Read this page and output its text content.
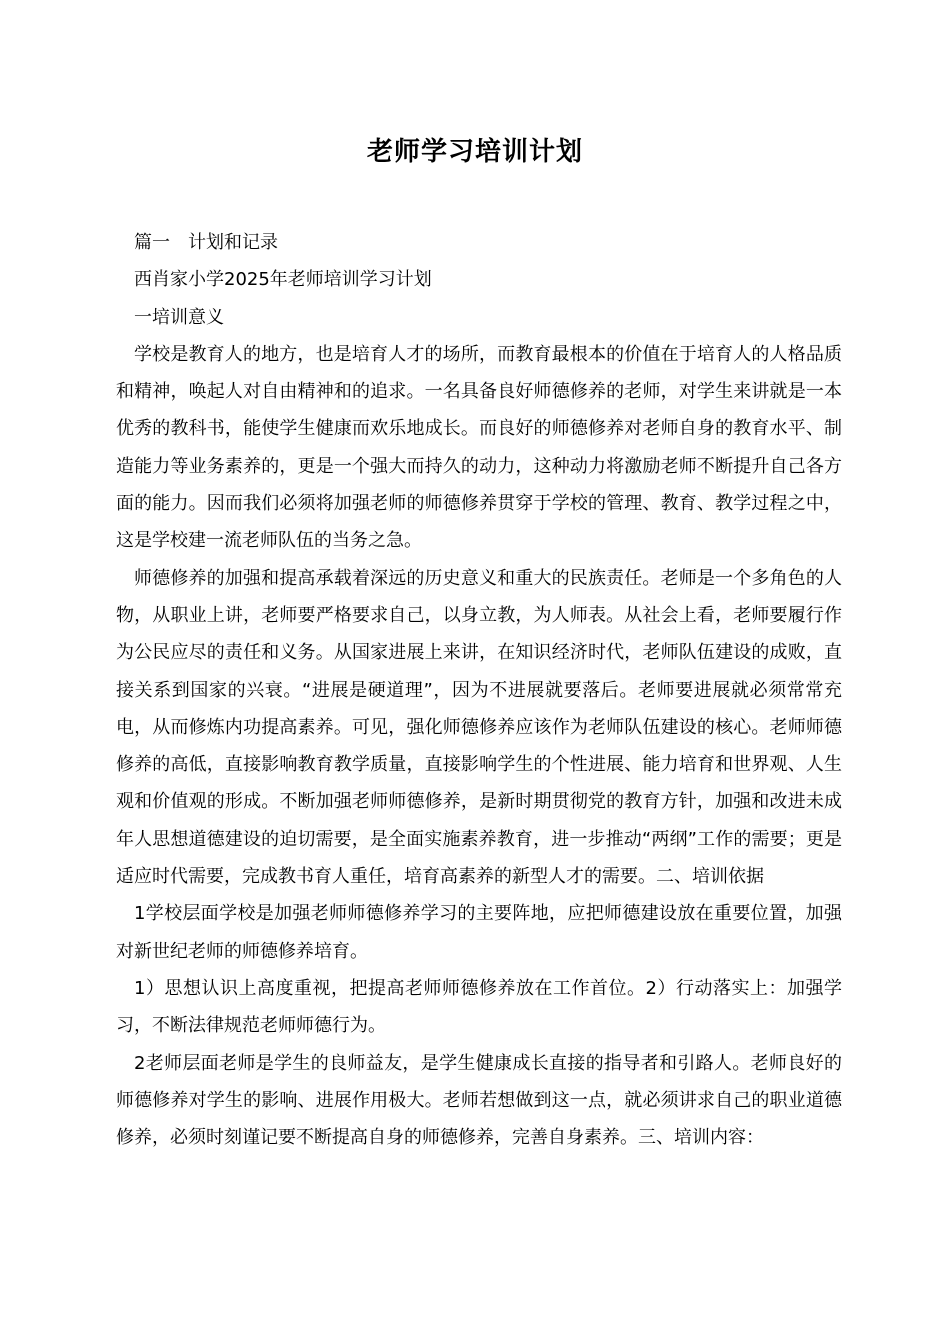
老师学习培训计划

篇一　计划和记录

西肖家小学2025年老师培训学习计划

一培训意义

学校是教育人的地方，也是培育人才的场所，而教育最根本的价值在于培育人的人格品质和精神，唤起人对自由精神和的追求。一名具备良好师德修养的老师，对学生来讲就是一本优秀的教科书，能使学生健康而欢乐地成长。而良好的师德修养对老师自身的教育水平、制造能力等业务素养的，更是一个强大而持久的动力，这种动力将激励老师不断提升自己各方面的能力。因而我们必须将加强老师的师德修养贯穿于学校的管理、教育、教学过程之中，这是学校建一流老师队伍的当务之急。

师德修养的加强和提高承载着深远的历史意义和重大的民族责任。老师是一个多角色的人物，从职业上讲，老师要严格要求自己，以身立教，为人师表。从社会上看，老师要履行作为公民应尽的责任和义务。从国家进展上来讲，在知识经济时代，老师队伍建设的成败，直接关系到国家的兴衰。“进展是硬道理”，因为不进展就要落后。老师要进展就必须常常充电，从而修炼内功提高素养。可见，强化师德修养应该作为老师队伍建设的核心。老师师德修养的高低，直接影响教育教学质量，直接影响学生的个性进展、能力培育和世界观、人生观和价值观的形成。不断加强老师师德修养，是新时期贯彻党的教育方针，加强和改进未成年人思想道德建设的迫切需要，是全面实施素养教育，进一步推动“两纲”工作的需要；更是适应时代需要，完成教书育人重任，培育高素养的新型人才的需要。二、培训依据

1学校层面学校是加强老师师德修养学习的主要阵地，应把师德建设放在重要位置，加强对新世纪老师的师德修养培育。

1）思想认识上高度重视，把提高老师师德修养放在工作首位。2）行动落实上：加强学习，不断法律规范老师师德行为。

2老师层面老师是学生的良师益友，是学生健康成长直接的指导者和引路人。老师良好的师德修养对学生的影响、进展作用极大。老师若想做到这一点，就必须讲求自己的职业道德修养，必须时刻谨记要不断提高自身的师德修养，完善自身素养。三、培训内容：
